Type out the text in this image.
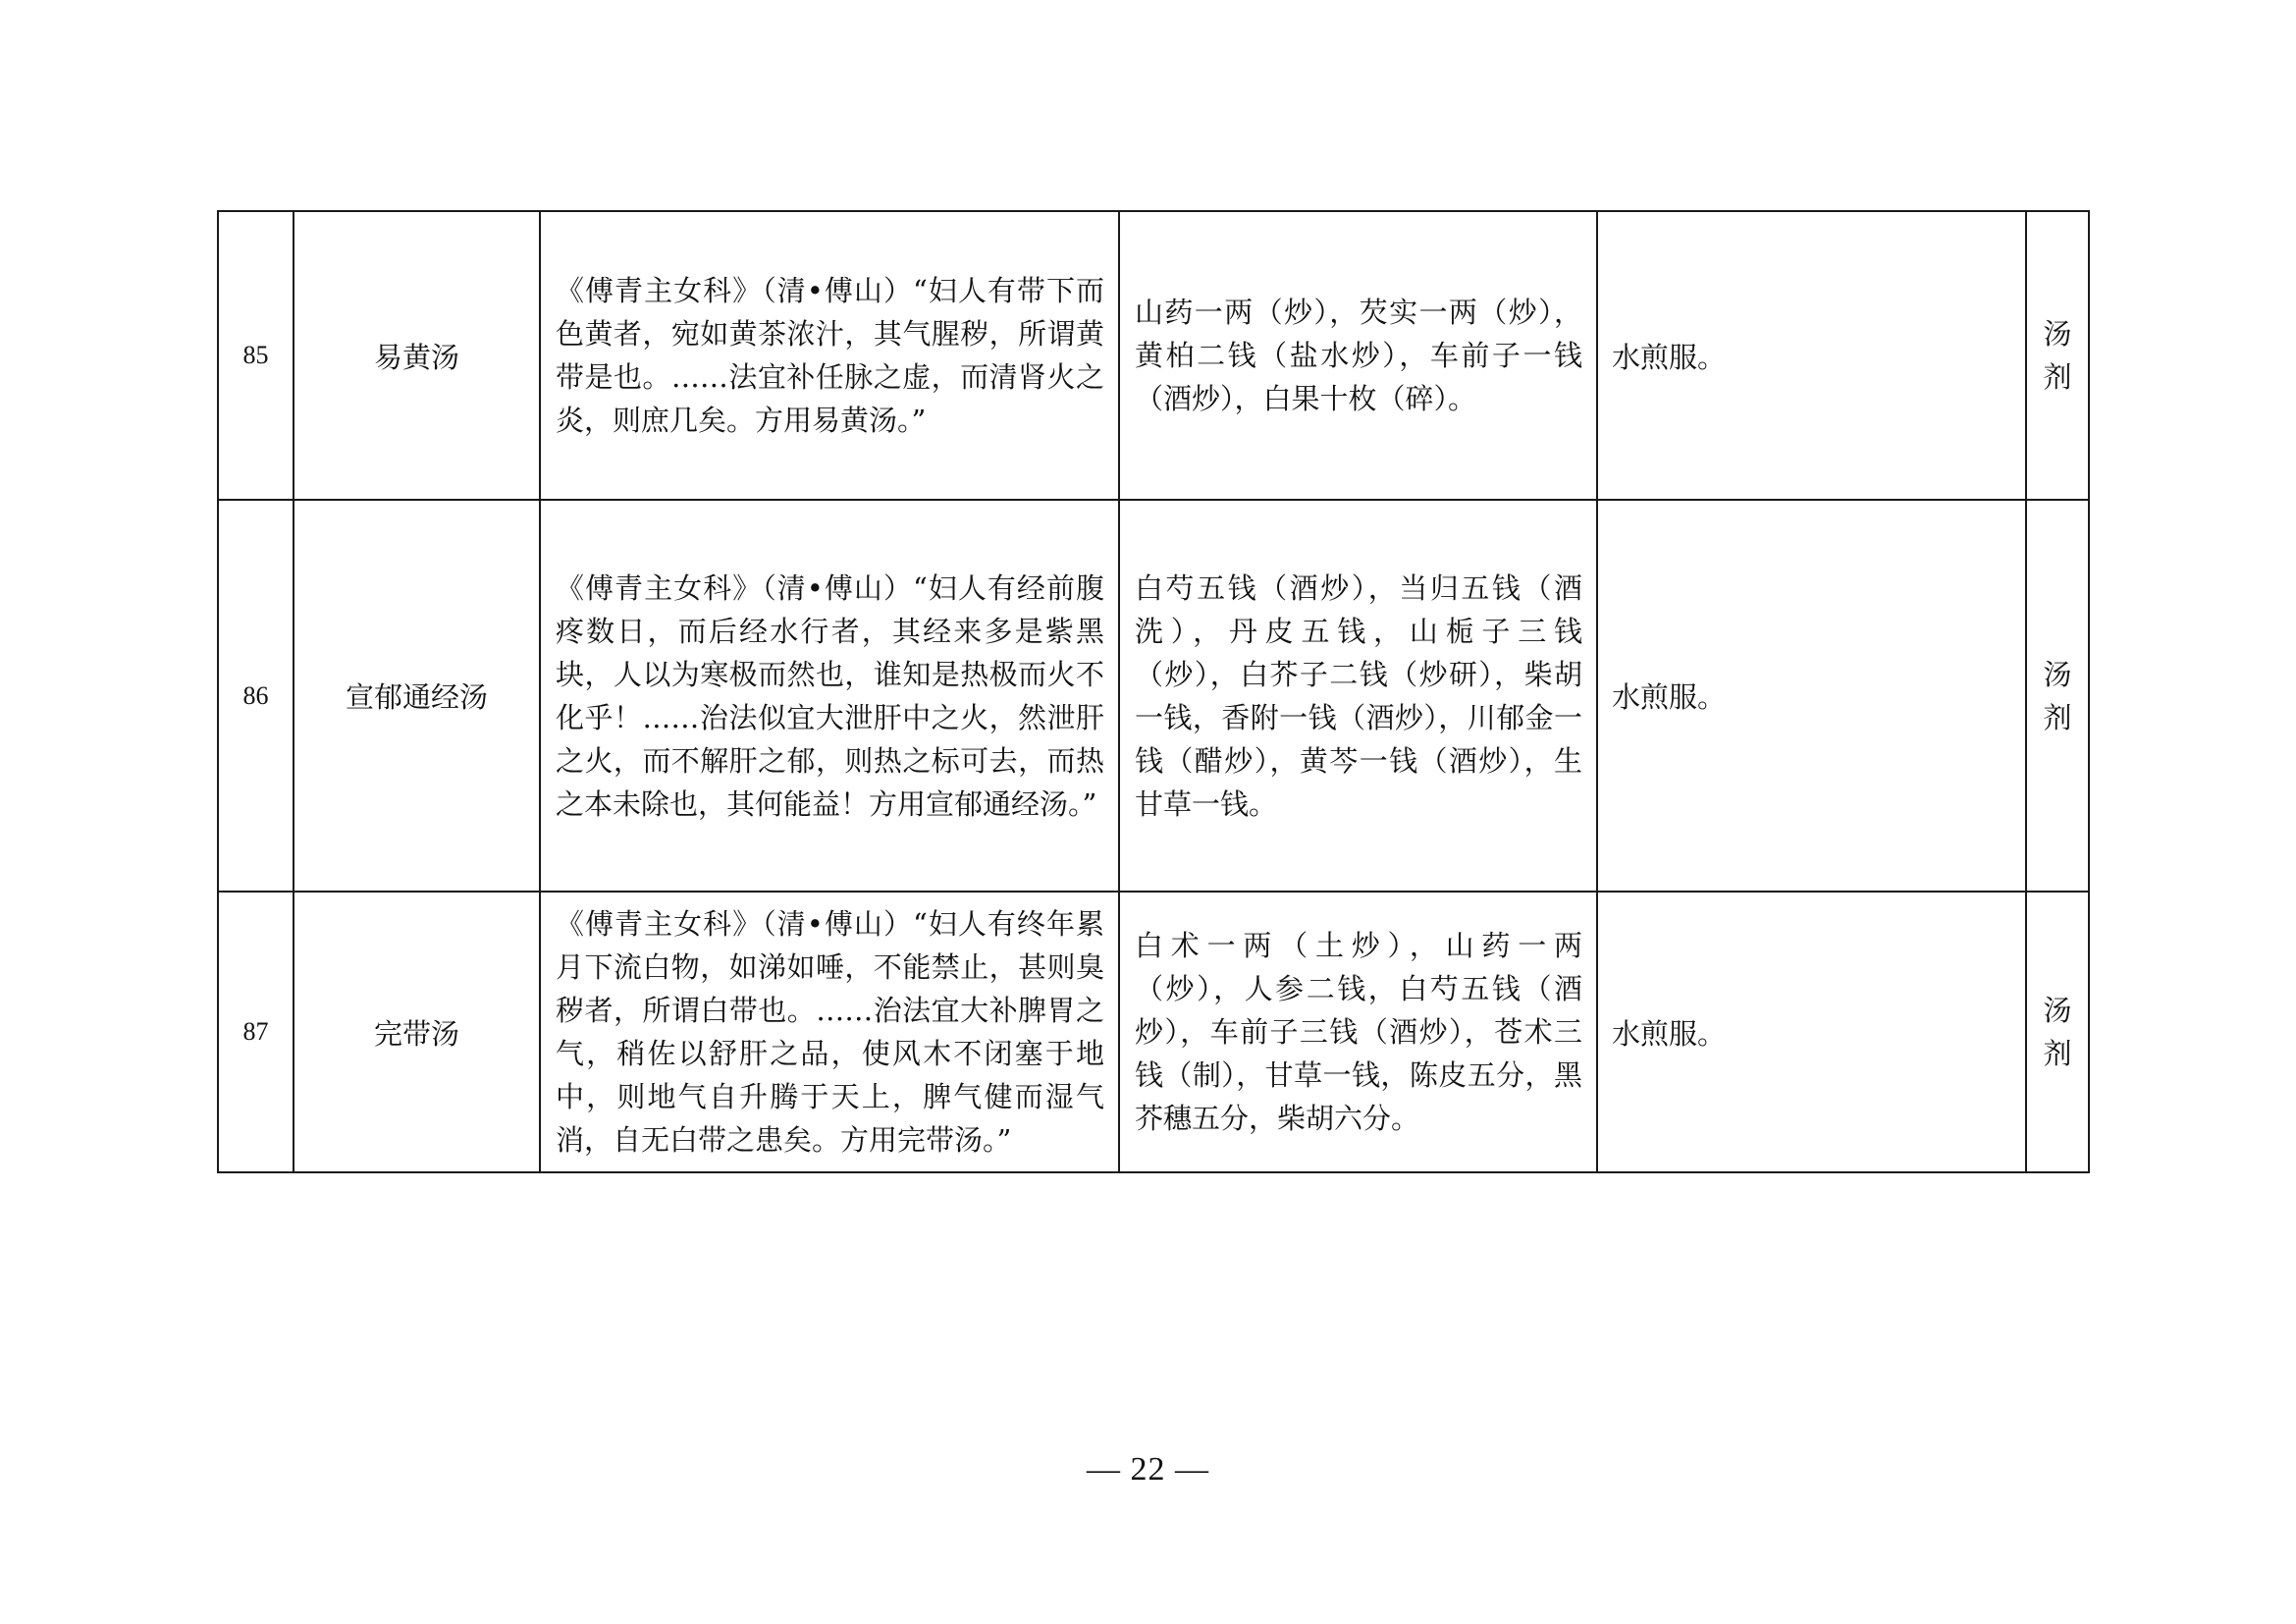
85	易黄汤	《傅青主女科》（清•傅山）“妇人有带下而色黄者，宛如黄茶浓汁，其气腥秽，所谓黄带是也。……法宜补任脉之虚，而清肾火之炎，则庶几矣。方用易黄汤。”	山药一两（炒），芡实一两（炒），黄柏二钱（盐水炒），车前子一钱（酒炒），白果十枚（碎）。	水煎服。	汤
剂

86	宣郁通经汤	《傅青主女科》（清•傅山）“妇人有经前腹疼数日，而后经水行者，其经来多是紫黑块，人以为寒极而然也，谁知是热极而火不化乎！……治法似宜大泄肝中之火，然泄肝之火，而不解肝之郁，则热之标可去，而热之本未除也，其何能益！方用宣郁通经汤。”	白芍五钱（酒炒），当归五钱（酒洗），丹皮五钱，山栀子三钱（炒），白芥子二钱（炒研），柴胡一钱，香附一钱（酒炒），川郁金一钱（醋炒），黄芩一钱（酒炒），生甘草一钱。	水煎服。	汤
剂

87	完带汤	《傅青主女科》（清•傅山）“妇人有终年累月下流白物，如涕如唾，不能禁止，甚则臭秽者，所谓白带也。……治法宜大补脾胃之气，稍佐以舒肝之品，使风木不闭塞于地中，则地气自升腾于天上，脾气健而湿气消，自无白带之患矣。方用完带汤。”	白术一两（土炒），山药一两（炒），人参二钱，白芍五钱（酒炒），车前子三钱（酒炒），苍术三钱（制），甘草一钱，陈皮五分，黑芥穗五分，柴胡六分。	水煎服。	汤
剂
— 22 —
